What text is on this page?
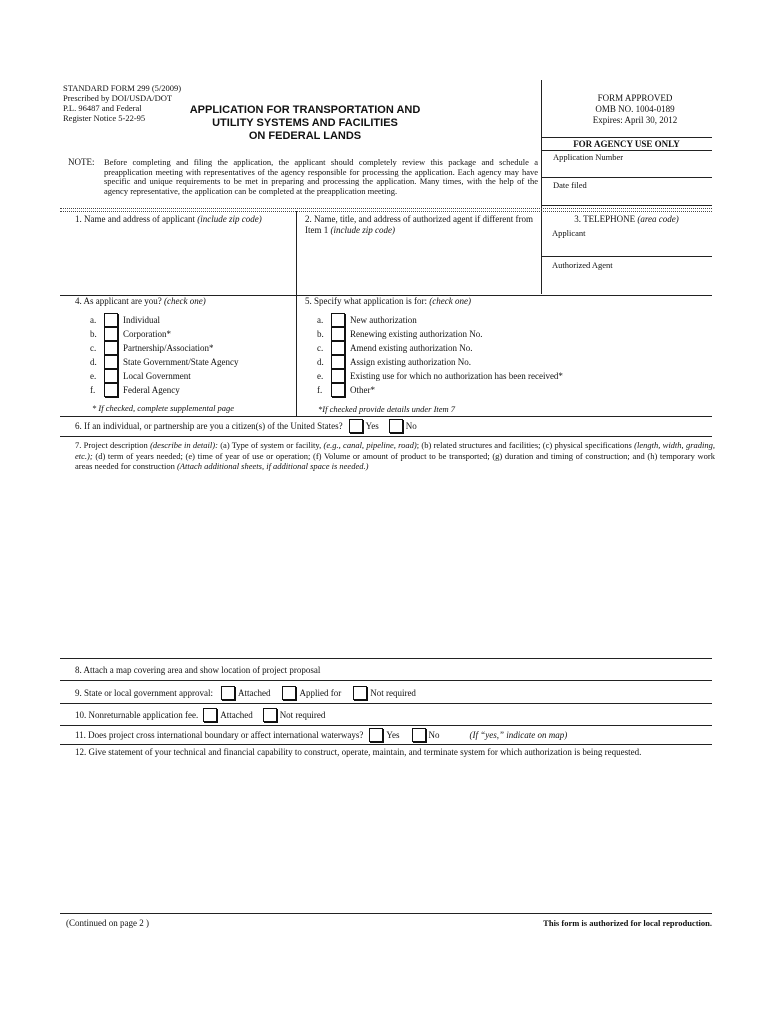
STANDARD FORM 299 (5/2009)
Prescribed by DOI/USDA/DOT
P.L. 96487 and Federal
Register Notice 5-22-95
APPLICATION FOR TRANSPORTATION AND
UTILITY SYSTEMS AND FACILITIES
ON FEDERAL LANDS
FORM APPROVED
OMB NO. 1004-0189
Expires: April 30, 2012
FOR AGENCY USE ONLY
Application Number
Date filed
NOTE: Before completing and filing the application, the applicant should completely review this package and schedule a preapplication meeting with representatives of the agency responsible for processing the application. Each agency may have specific and unique requirements to be met in preparing and processing the application. Many times, with the help of the agency representative, the application can be completed at the preapplication meeting.
1. Name and address of applicant (include zip code)	2. Name, title, and address of authorized agent if different from Item 1 (include zip code)
3. TELEPHONE (area code)
Applicant
Authorized Agent
4. As applicant are you? (check one)
a.	Individual
b.	Corporation*
c.	Partnership/Association*
d.	State Government/State Agency
e.	Local Government
f.	Federal Agency
* If checked, complete supplemental page
5. Specify what application is for: (check one)
a.	New authorization
b.	Renewing existing authorization No.
c.	Amend existing authorization No.
d.	Assign existing authorization No.
e.	Existing use for which no authorization has been received*
f.	Other*
*If checked provide details under Item 7
6. If an individual, or partnership are you a citizen(s) of the United States?	Yes	No
7. Project description (describe in detail): (a) Type of system or facility, (e.g., canal, pipeline, road); (b) related structures and facilities; (c) physical specifications (length, width, grading, etc.); (d) term of years needed; (e) time of year of use or operation; (f) Volume or amount of product to be transported; (g) duration and timing of construction; and (h) temporary work areas needed for construction (Attach additional sheets, if additional space is needed.)
8. Attach a map covering area and show location of project proposal
9. State or local government approval:	Attached	Applied for	Not required
10. Nonreturnable application fee. Attached	Not required
11. Does project cross international boundary or affect international waterways?	Yes	No	(If “yes,” indicate on map)
12. Give statement of your technical and financial capability to construct, operate, maintain, and terminate system for which authorization is being requested.
(Continued on page 2 )	This form is authorized for local reproduction.
